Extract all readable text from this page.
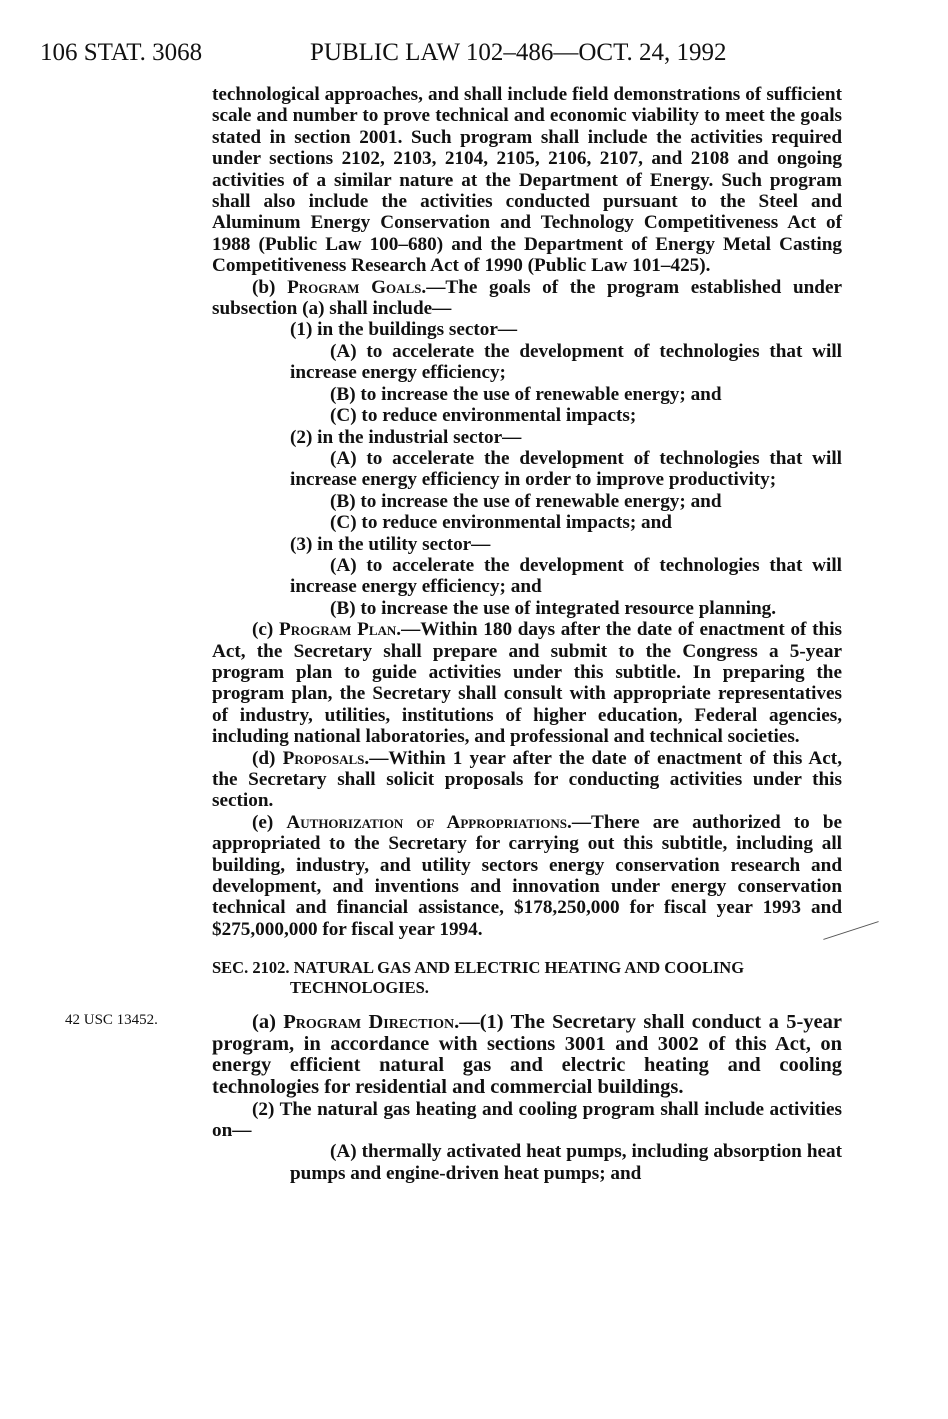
106 STAT. 3068	PUBLIC LAW 102–486—OCT. 24, 1992
42 USC 13452.

technological approaches, and shall include field demonstrations of sufficient scale and number to prove technical and economic viability to meet the goals stated in section 2001. Such program shall include the activities required under sections 2102, 2103, 2104, 2105, 2106, 2107, and 2108 and ongoing activities of a similar nature at the Department of Energy. Such program shall also include the activities conducted pursuant to the Steel and Aluminum Energy Conservation and Technology Competitiveness Act of 1988 (Public Law 100–680) and the Department of Energy Metal Casting Competitiveness Research Act of 1990 (Public Law 101–425).

(b) Program Goals.—The goals of the program established under subsection (a) shall include—

(1) in the buildings sector—

(A) to accelerate the development of technologies that will increase energy efficiency;

(B) to increase the use of renewable energy; and

(C) to reduce environmental impacts;

(2) in the industrial sector—

(A) to accelerate the development of technologies that will increase energy efficiency in order to improve productivity;

(B) to increase the use of renewable energy; and

(C) to reduce environmental impacts; and

(3) in the utility sector—

(A) to accelerate the development of technologies that will increase energy efficiency; and

(B) to increase the use of integrated resource planning.

(c) Program Plan.—Within 180 days after the date of enactment of this Act, the Secretary shall prepare and submit to the Congress a 5-year program plan to guide activities under this subtitle. In preparing the program plan, the Secretary shall consult with appropriate representatives of industry, utilities, institutions of higher education, Federal agencies, including national laboratories, and professional and technical societies.

(d) Proposals.—Within 1 year after the date of enactment of this Act, the Secretary shall solicit proposals for conducting activities under this section.

(e) Authorization of Appropriations.—There are authorized to be appropriated to the Secretary for carrying out this subtitle, including all building, industry, and utility sectors energy conservation research and development, and inventions and innovation under energy conservation technical and financial assistance, $178,250,000 for fiscal year 1993 and $275,000,000 for fiscal year 1994.

SEC. 2102. NATURAL GAS AND ELECTRIC HEATING AND COOLING TECHNOLOGIES.

(a) Program Direction.—(1) The Secretary shall conduct a 5-year program, in accordance with sections 3001 and 3002 of this Act, on energy efficient natural gas and electric heating and cooling technologies for residential and commercial buildings.

(2) The natural gas heating and cooling program shall include activities on—

(A) thermally activated heat pumps, including absorption heat pumps and engine-driven heat pumps; and
